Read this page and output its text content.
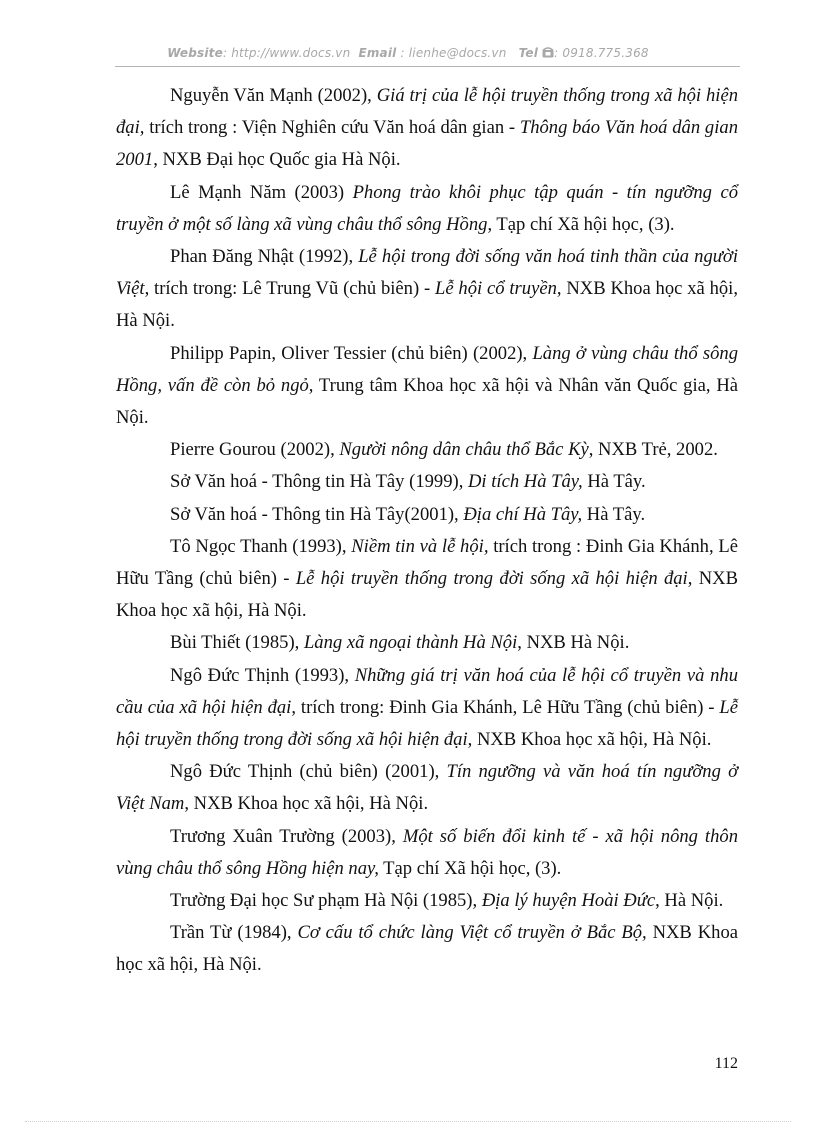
Website: http://www.docs.vn Email : lienhe@docs.vn Tel : 0918.775.368

Nguyễn Văn Mạnh (2002), Giá trị của lễ hội truyền thống trong xã hội hiện đại, trích trong : Viện Nghiên cứu Văn hoá dân gian - Thông báo Văn hoá dân gian 2001, NXB Đại học Quốc gia Hà Nội.

Lê Mạnh Năm (2003) Phong trào khôi phục tập quán - tín ngưỡng cổ truyền ở một số làng xã vùng châu thổ sông Hồng, Tạp chí Xã hội học, (3).

Phan Đăng Nhật (1992), Lễ hội trong đời sống văn hoá tinh thần của người Việt, trích trong: Lê Trung Vũ (chủ biên) - Lễ hội cổ truyền, NXB Khoa học xã hội, Hà Nội.

Philipp Papin, Oliver Tessier (chủ biên) (2002), Làng ở vùng châu thổ sông Hồng, vấn đề còn bỏ ngỏ, Trung tâm Khoa học xã hội và Nhân văn Quốc gia, Hà Nội.

Pierre Gourou (2002), Người nông dân châu thổ Bắc Kỳ, NXB Trẻ, 2002.

Sở Văn hoá - Thông tin Hà Tây (1999), Di tích Hà Tây, Hà Tây.

Sở Văn hoá - Thông tin Hà Tây(2001), Địa chí Hà Tây, Hà Tây.

Tô Ngọc Thanh (1993), Niềm tin và lễ hội, trích trong : Đinh Gia Khánh, Lê Hữu Tầng (chủ biên) - Lễ hội truyền thống trong đời sống xã hội hiện đại, NXB Khoa học xã hội, Hà Nội.

Bùi Thiết (1985), Làng xã ngoại thành Hà Nội, NXB Hà Nội.

Ngô Đức Thịnh (1993), Những giá trị văn hoá của lễ hội cổ truyền và nhu cầu của xã hội hiện đại, trích trong: Đinh Gia Khánh, Lê Hữu Tầng (chủ biên) - Lễ hội truyền thống trong đời sống xã hội hiện đại, NXB Khoa học xã hội, Hà Nội.

Ngô Đức Thịnh (chủ biên) (2001), Tín ngưỡng và văn hoá tín ngưỡng ở Việt Nam, NXB Khoa học xã hội, Hà Nội.

Trương Xuân Trường (2003), Một số biến đổi kinh tế - xã hội nông thôn vùng châu thổ sông Hồng hiện nay, Tạp chí Xã hội học, (3).

Trường Đại học Sư phạm Hà Nội (1985), Địa lý huyện Hoài Đức, Hà Nội.

Trần Từ (1984), Cơ cấu tổ chức làng Việt cổ truyền ở Bắc Bộ, NXB Khoa học xã hội, Hà Nội.

112
